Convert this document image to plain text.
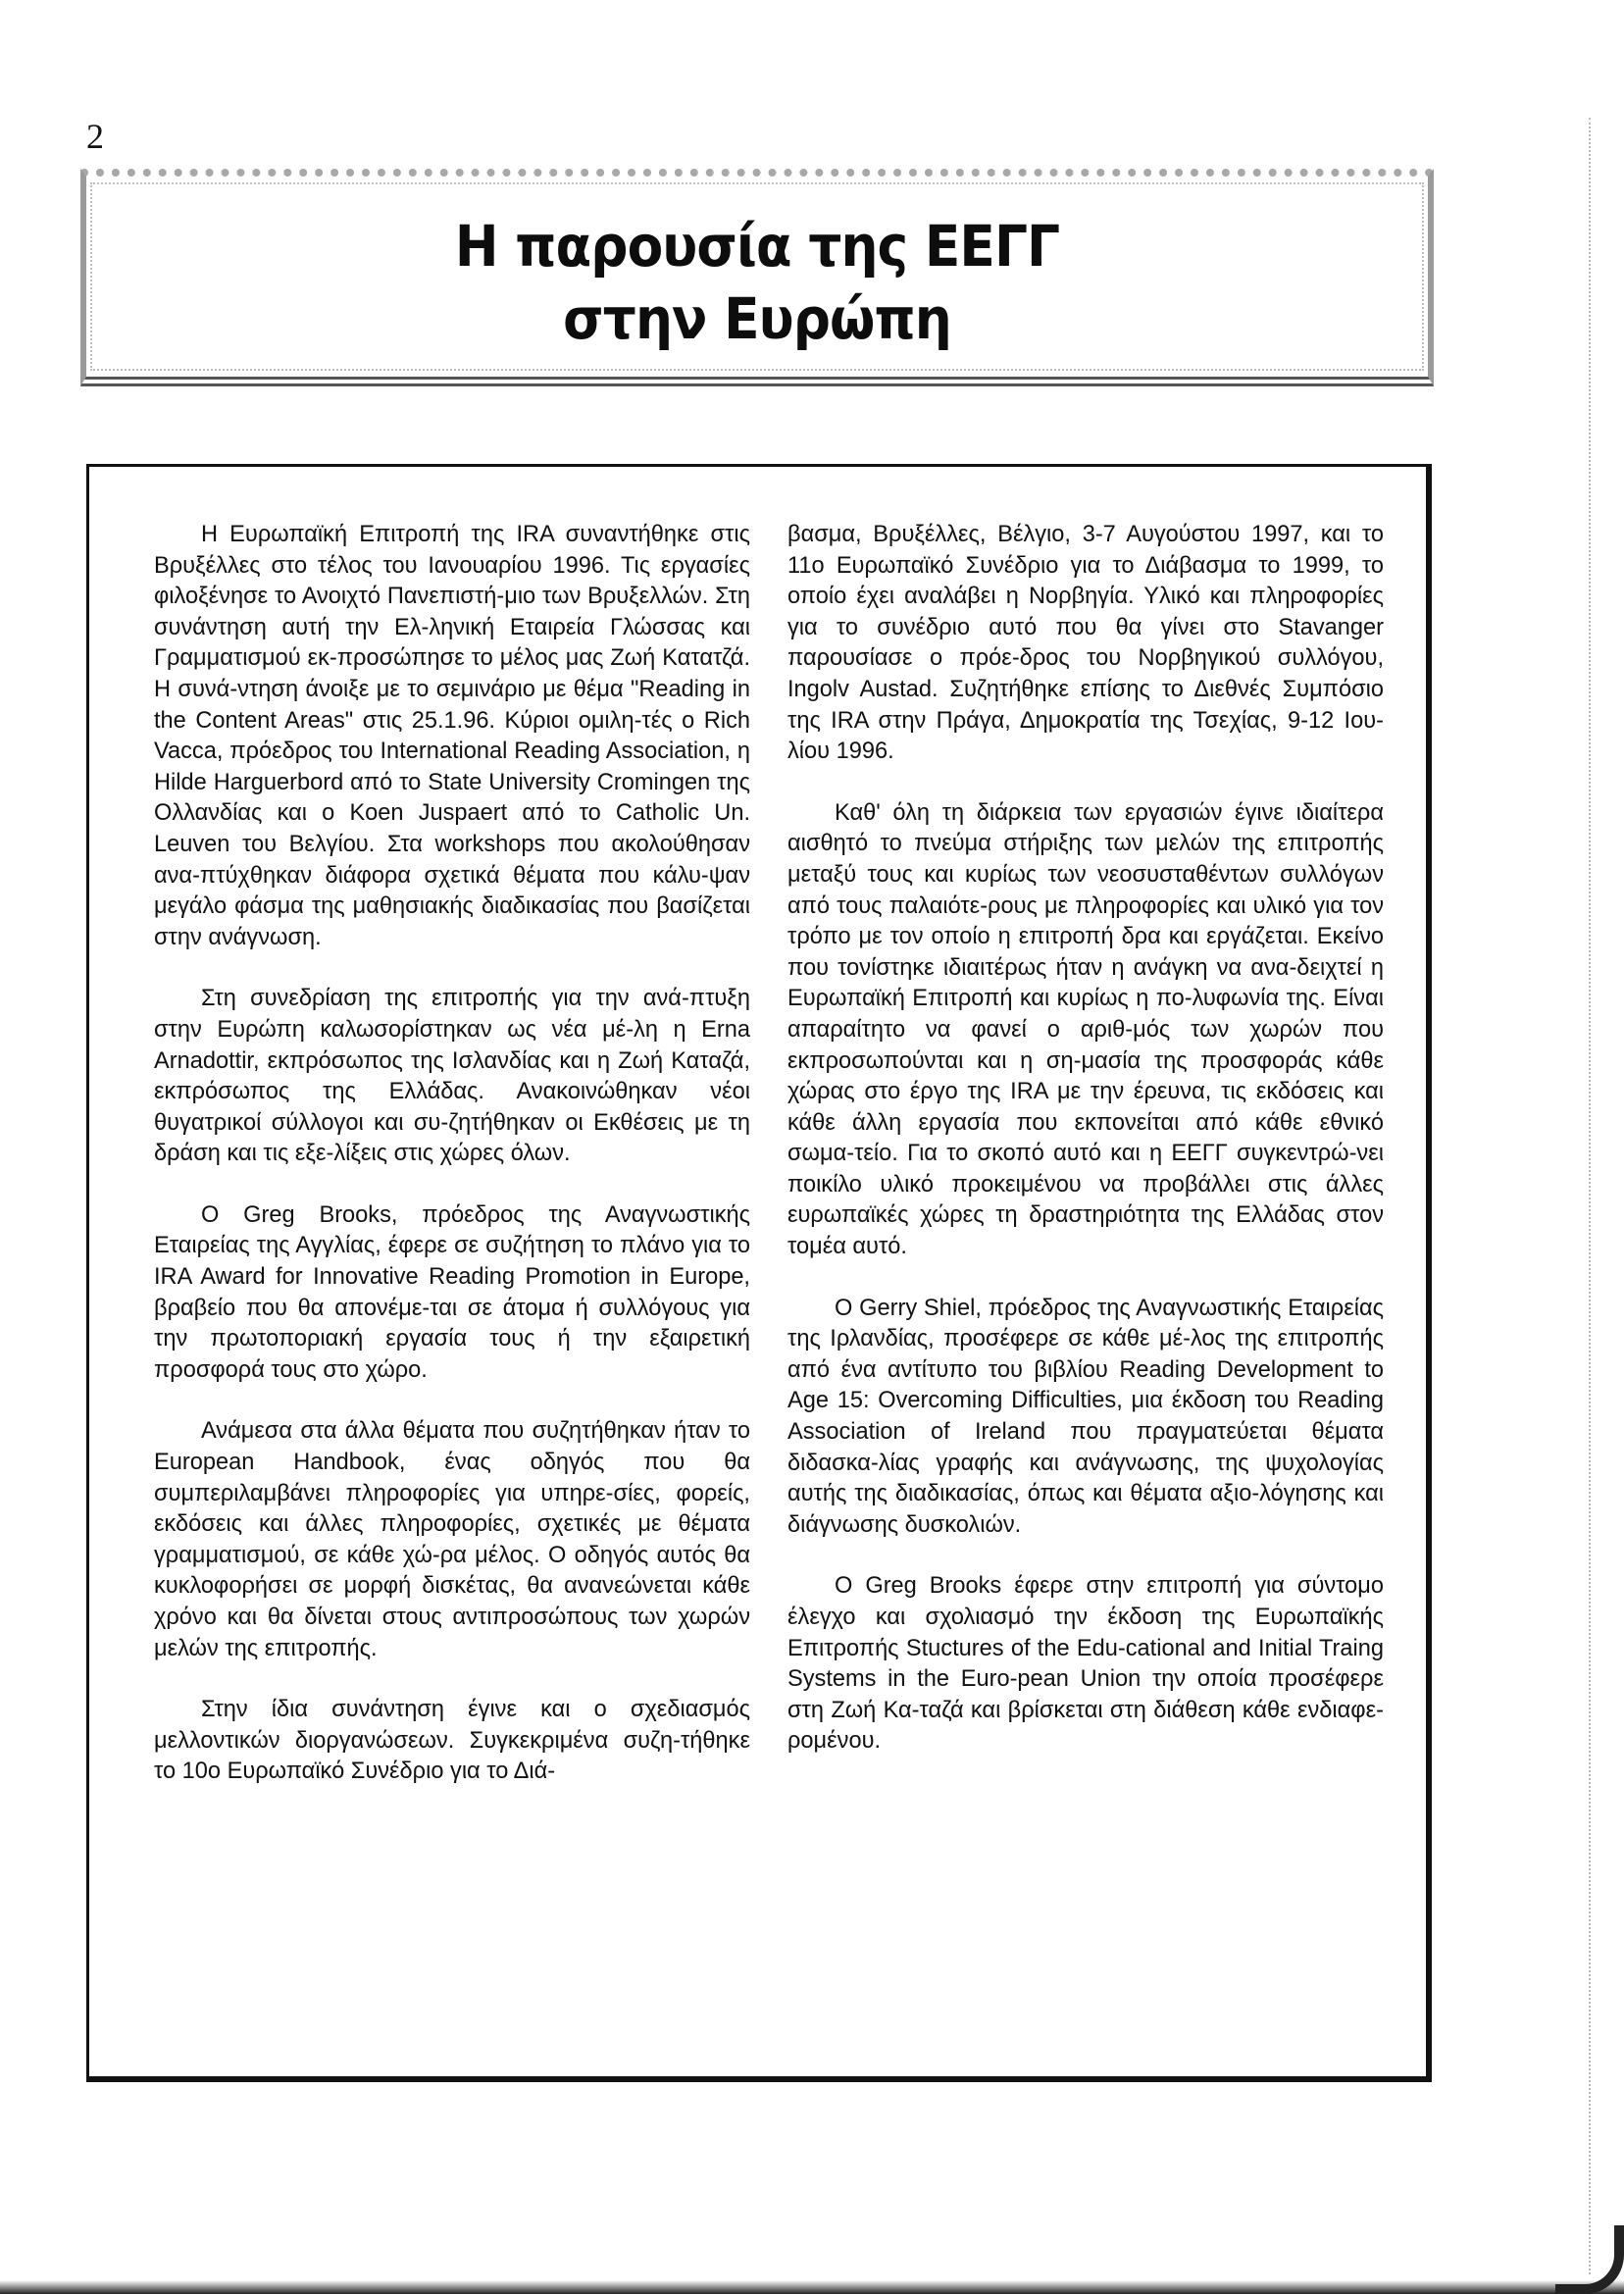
2
Η παρουσία της ΕΕΓΓ
στην Ευρώπη

Η Ευρωπαϊκή Επιτροπή της IRA συναντήθηκε στις Βρυξέλλες στο τέλος του Ιανουαρίου 1996. Τις εργασίες φιλοξένησε το Ανοιχτό Πανεπιστή-μιο των Βρυξελλών. Στη συνάντηση αυτή την Ελ-ληνική Εταιρεία Γλώσσας και Γραμματισμού εκ-προσώπησε το μέλος μας Ζωή Κατατζά. Η συνά-ντηση άνοιξε με το σεμινάριο με θέμα "Reading in the Content Areas" στις 25.1.96. Κύριοι ομιλη-τές ο Rich Vacca, πρόεδρος του International Reading Association, η Hilde Harguerbord από το State University Cromingen της Ολλανδίας και ο Koen Juspaert από το Catholic Un. Leuven του Βελγίου. Στα workshops που ακολούθησαν ανα-πτύχθηκαν διάφορα σχετικά θέματα που κάλυ-ψαν μεγάλο φάσμα της μαθησιακής διαδικασίας που βασίζεται στην ανάγνωση.

Στη συνεδρίαση της επιτροπής για την ανά-πτυξη στην Ευρώπη καλωσορίστηκαν ως νέα μέ-λη η Erna Arnadottir, εκπρόσωπος της Ισλανδίας και η Ζωή Καταζά, εκπρόσωπος της Ελλάδας. Ανακοινώθηκαν νέοι θυγατρικοί σύλλογοι και συ-ζητήθηκαν οι Εκθέσεις με τη δράση και τις εξε-λίξεις στις χώρες όλων.

Ο Greg Brooks, πρόεδρος της Αναγνωστικής Εταιρείας της Αγγλίας, έφερε σε συζήτηση το πλάνο για το IRA Award for Innovative Reading Promotion in Europe, βραβείο που θα απονέμε-ται σε άτομα ή συλλόγους για την πρωτοποριακή εργασία τους ή την εξαιρετική προσφορά τους στο χώρο.

Ανάμεσα στα άλλα θέματα που συζητήθηκαν ήταν το European Handbook, ένας οδηγός που θα συμπεριλαμβάνει πληροφορίες για υπηρε-σίες, φορείς, εκδόσεις και άλλες πληροφορίες, σχετικές με θέματα γραμματισμού, σε κάθε χώ-ρα μέλος. Ο οδηγός αυτός θα κυκλοφορήσει σε μορφή δισκέτας, θα ανανεώνεται κάθε χρόνο και θα δίνεται στους αντιπροσώπους των χωρών μελών της επιτροπής.

Στην ίδια συνάντηση έγινε και ο σχεδιασμός μελλοντικών διοργανώσεων. Συγκεκριμένα συζη-τήθηκε το 10ο Ευρωπαϊκό Συνέδριο για το Διά-

βασμα, Βρυξέλλες, Βέλγιο, 3-7 Αυγούστου 1997, και το 11ο Ευρωπαϊκό Συνέδριο για το Διάβασμα το 1999, το οποίο έχει αναλάβει η Νορβηγία. Υλικό και πληροφορίες για το συνέδριο αυτό που θα γίνει στο Stavanger παρουσίασε ο πρόε-δρος του Νορβηγικού συλλόγου, Ingolv Austad. Συζητήθηκε επίσης το Διεθνές Συμπόσιο της IRA στην Πράγα, Δημοκρατία της Τσεχίας, 9-12 Ιου-λίου 1996.

Καθ' όλη τη διάρκεια των εργασιών έγινε ιδιαίτερα αισθητό το πνεύμα στήριξης των μελών της επιτροπής μεταξύ τους και κυρίως των νεοσυσταθέντων συλλόγων από τους παλαιότε-ρους με πληροφορίες και υλικό για τον τρόπο με τον οποίο η επιτροπή δρα και εργάζεται. Εκείνο που τονίστηκε ιδιαιτέρως ήταν η ανάγκη να ανα-δειχτεί η Ευρωπαϊκή Επιτροπή και κυρίως η πο-λυφωνία της. Είναι απαραίτητο να φανεί ο αριθ-μός των χωρών που εκπροσωπούνται και η ση-μασία της προσφοράς κάθε χώρας στο έργο της IRA με την έρευνα, τις εκδόσεις και κάθε άλλη εργασία που εκπονείται από κάθε εθνικό σωμα-τείο. Για το σκοπό αυτό και η ΕΕΓΓ συγκεντρώ-νει ποικίλο υλικό προκειμένου να προβάλλει στις άλλες ευρωπαϊκές χώρες τη δραστηριότητα της Ελλάδας στον τομέα αυτό.

Ο Gerry Shiel, πρόεδρος της Αναγνωστικής Εταιρείας της Ιρλανδίας, προσέφερε σε κάθε μέ-λος της επιτροπής από ένα αντίτυπο του βιβλίου Reading Development to Age 15: Overcoming Difficulties, μια έκδοση του Reading Association of Ireland που πραγματεύεται θέματα διδασκα-λίας γραφής και ανάγνωσης, της ψυχολογίας αυτής της διαδικασίας, όπως και θέματα αξιο-λόγησης και διάγνωσης δυσκολιών.

Ο Greg Brooks έφερε στην επιτροπή για σύντομο έλεγχο και σχολιασμό την έκδοση της Ευρωπαϊκής Επιτροπής Stuctures of the Edu-cational and Initial Traing Systems in the Euro-pean Union την οποία προσέφερε στη Ζωή Κα-ταζά και βρίσκεται στη διάθεση κάθε ενδιαφε-ρομένου.
